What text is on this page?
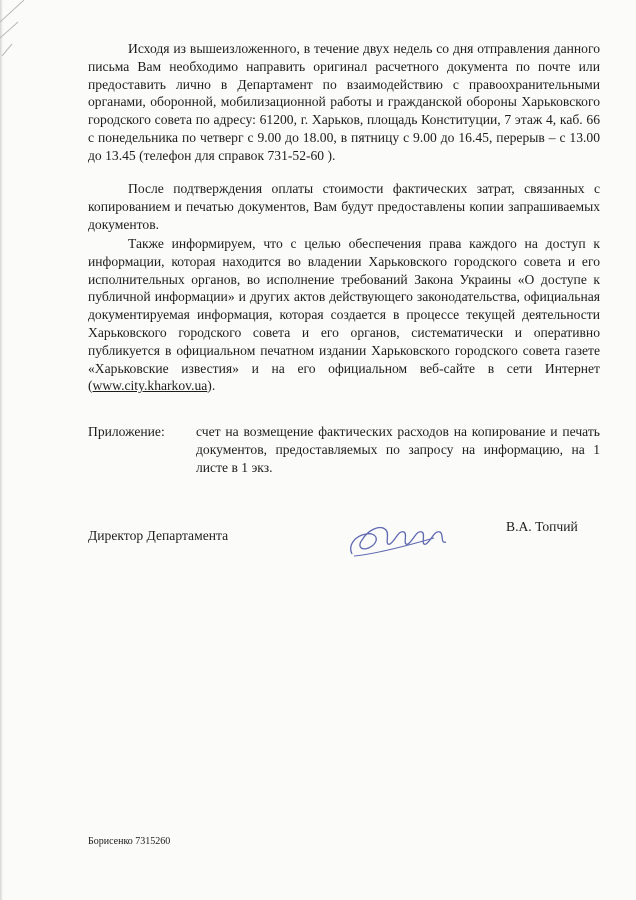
Исходя из вышеизложенного, в течение двух недель со дня отправления данного письма Вам необходимо направить оригинал расчетного документа по почте или предоставить лично в Департамент по взаимодействию с правоохранительными органами, оборонной, мобилизационной работы и гражданской обороны Харьковского городского совета по адресу: 61200, г. Харьков, площадь Конституции, 7 этаж 4, каб. 66 с понедельника по четверг с 9.00 до 18.00, в пятницу с 9.00 до 16.45, перерыв – с 13.00 до 13.45 (телефон для справок 731-52-60 ).

После подтверждения оплаты стоимости фактических затрат, связанных с копированием и печатью документов, Вам будут предоставлены копии запрашиваемых документов.

Также информируем, что с целью обеспечения права каждого на доступ к информации, которая находится во владении Харьковского городского совета и его исполнительных органов, во исполнение требований Закона Украины «О доступе к публичной информации» и других актов действующего законодательства, официальная документируемая информация, которая создается в процессе текущей деятельности Харьковского городского совета и его органов, систематически и оперативно публикуется в официальном печатном издании Харьковского городского совета газете «Харьковские известия» и на его официальном веб-сайте в сети Интернет (www.city.kharkov.ua).

Приложение: счет на возмещение фактических расходов на копирование и печать документов, предоставляемых по запросу на информацию, на 1 листе в 1 экз.

Директор Департамента
В.А. Топчий
Борисенко 7315260
